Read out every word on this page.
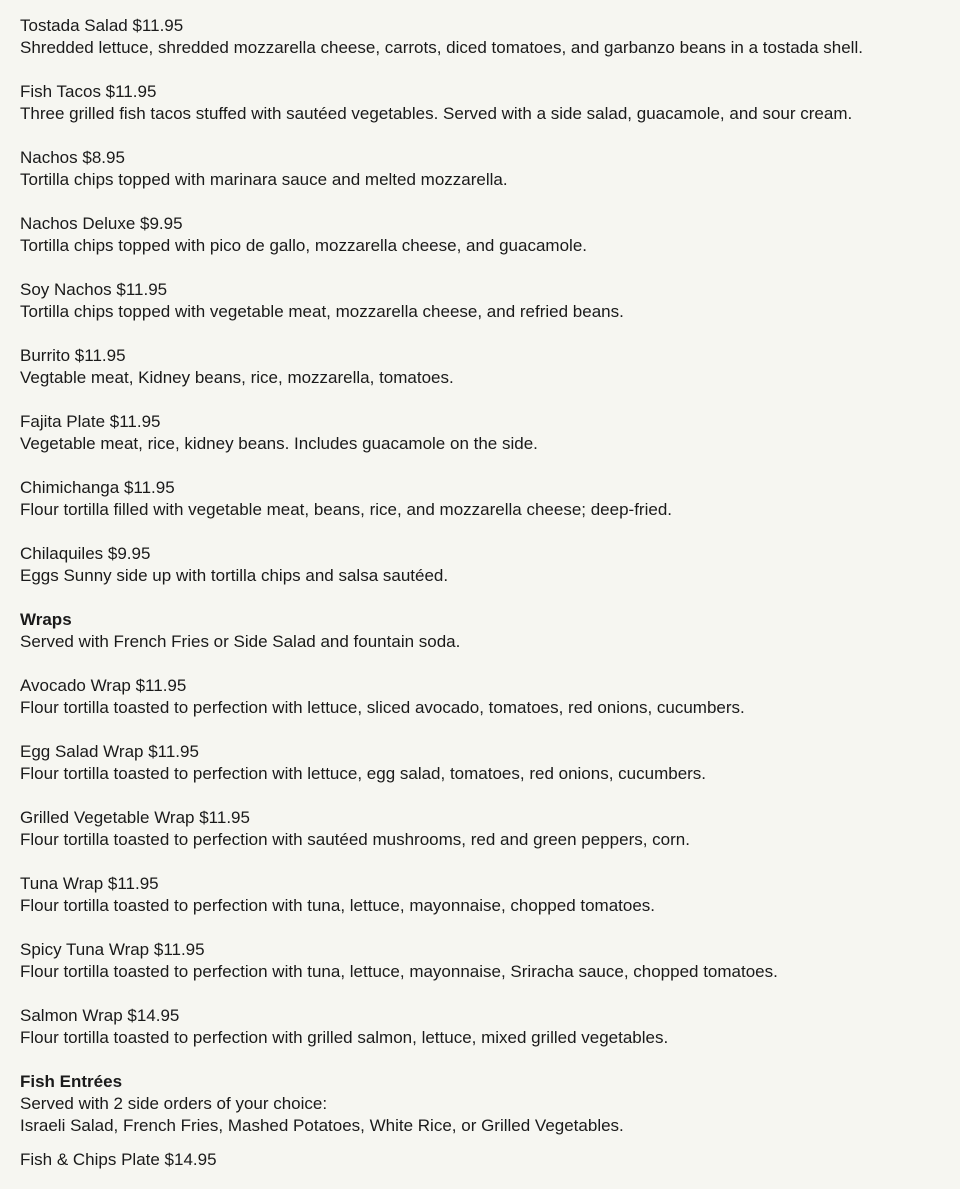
Tostada Salad $11.95
Shredded lettuce, shredded mozzarella cheese, carrots, diced tomatoes, and garbanzo beans in a tostada shell.
Fish Tacos $11.95
Three grilled fish tacos stuffed with sautéed vegetables. Served with a side salad, guacamole, and sour cream.
Nachos $8.95
Tortilla chips topped with marinara sauce and melted mozzarella.
Nachos Deluxe $9.95
Tortilla chips topped with pico de gallo, mozzarella cheese, and guacamole.
Soy Nachos $11.95
Tortilla chips topped with vegetable meat, mozzarella cheese, and refried beans.
Burrito $11.95
Vegtable meat, Kidney beans, rice, mozzarella, tomatoes.
Fajita Plate $11.95
Vegetable meat, rice, kidney beans. Includes guacamole on the side.
Chimichanga $11.95
Flour tortilla filled with vegetable meat, beans, rice, and mozzarella cheese; deep-fried.
Chilaquiles $9.95
Eggs Sunny side up with tortilla chips and salsa sautéed.
Wraps
Served with French Fries or Side Salad and fountain soda.
Avocado Wrap $11.95
Flour tortilla toasted to perfection with lettuce, sliced avocado, tomatoes, red onions, cucumbers.
Egg Salad Wrap $11.95
Flour tortilla toasted to perfection with lettuce, egg salad, tomatoes, red onions, cucumbers.
Grilled Vegetable Wrap $11.95
Flour tortilla toasted to perfection with sautéed mushrooms, red and green peppers, corn.
Tuna Wrap $11.95
Flour tortilla toasted to perfection with tuna, lettuce, mayonnaise, chopped tomatoes.
Spicy Tuna Wrap $11.95
Flour tortilla toasted to perfection with tuna, lettuce, mayonnaise, Sriracha sauce, chopped tomatoes.
Salmon Wrap $14.95
Flour tortilla toasted to perfection with grilled salmon, lettuce, mixed grilled vegetables.
Fish Entrées
Served with 2 side orders of your choice:
Israeli Salad, French Fries, Mashed Potatoes, White Rice, or Grilled Vegetables.
Fish & Chips Plate $14.95
